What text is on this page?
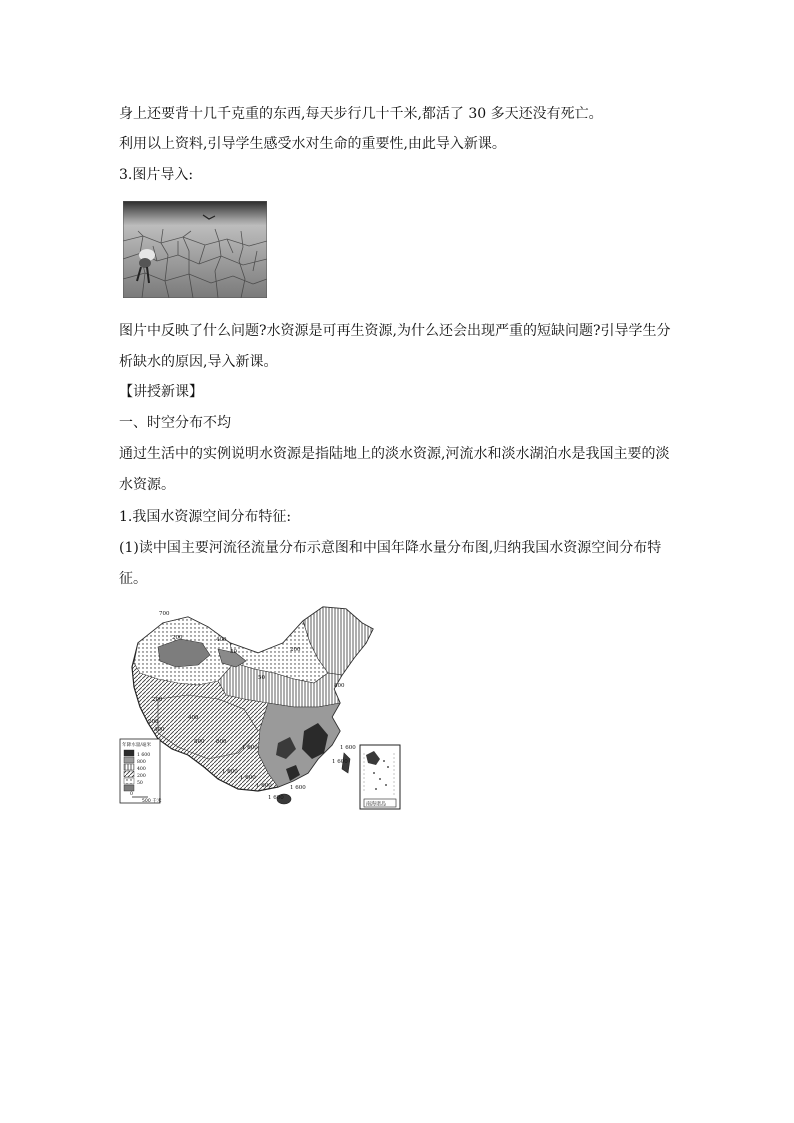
身上还要背十几千克重的东西,每天步行几十千米,都活了 30 多天还没有死亡。
利用以上资料,引导学生感受水对生命的重要性,由此导入新课。
3.图片导入:
图片中反映了什么问题?水资源是可再生资源,为什么还会出现严重的短缺问题?引导学生分
析缺水的原因,导入新课。
【讲授新课】
一、时空分布不均
通过生活中的实例说明水资源是指陆地上的淡水资源,河流水和淡水湖泊水是我国主要的淡
水资源。
1.我国水资源空间分布特征:
(1)读中国主要河流径流量分布示意图和中国年降水量分布图,归纳我国水资源空间分布特
征。
700
200	400
50
50
200
200
400
800
200
400
800
1 600	1 600
800
1 600
1 600
1 600	1 600
1 600
1 600
年降水量/毫米
1 600
800
400
200
50
0
500 千米	南海诸岛
